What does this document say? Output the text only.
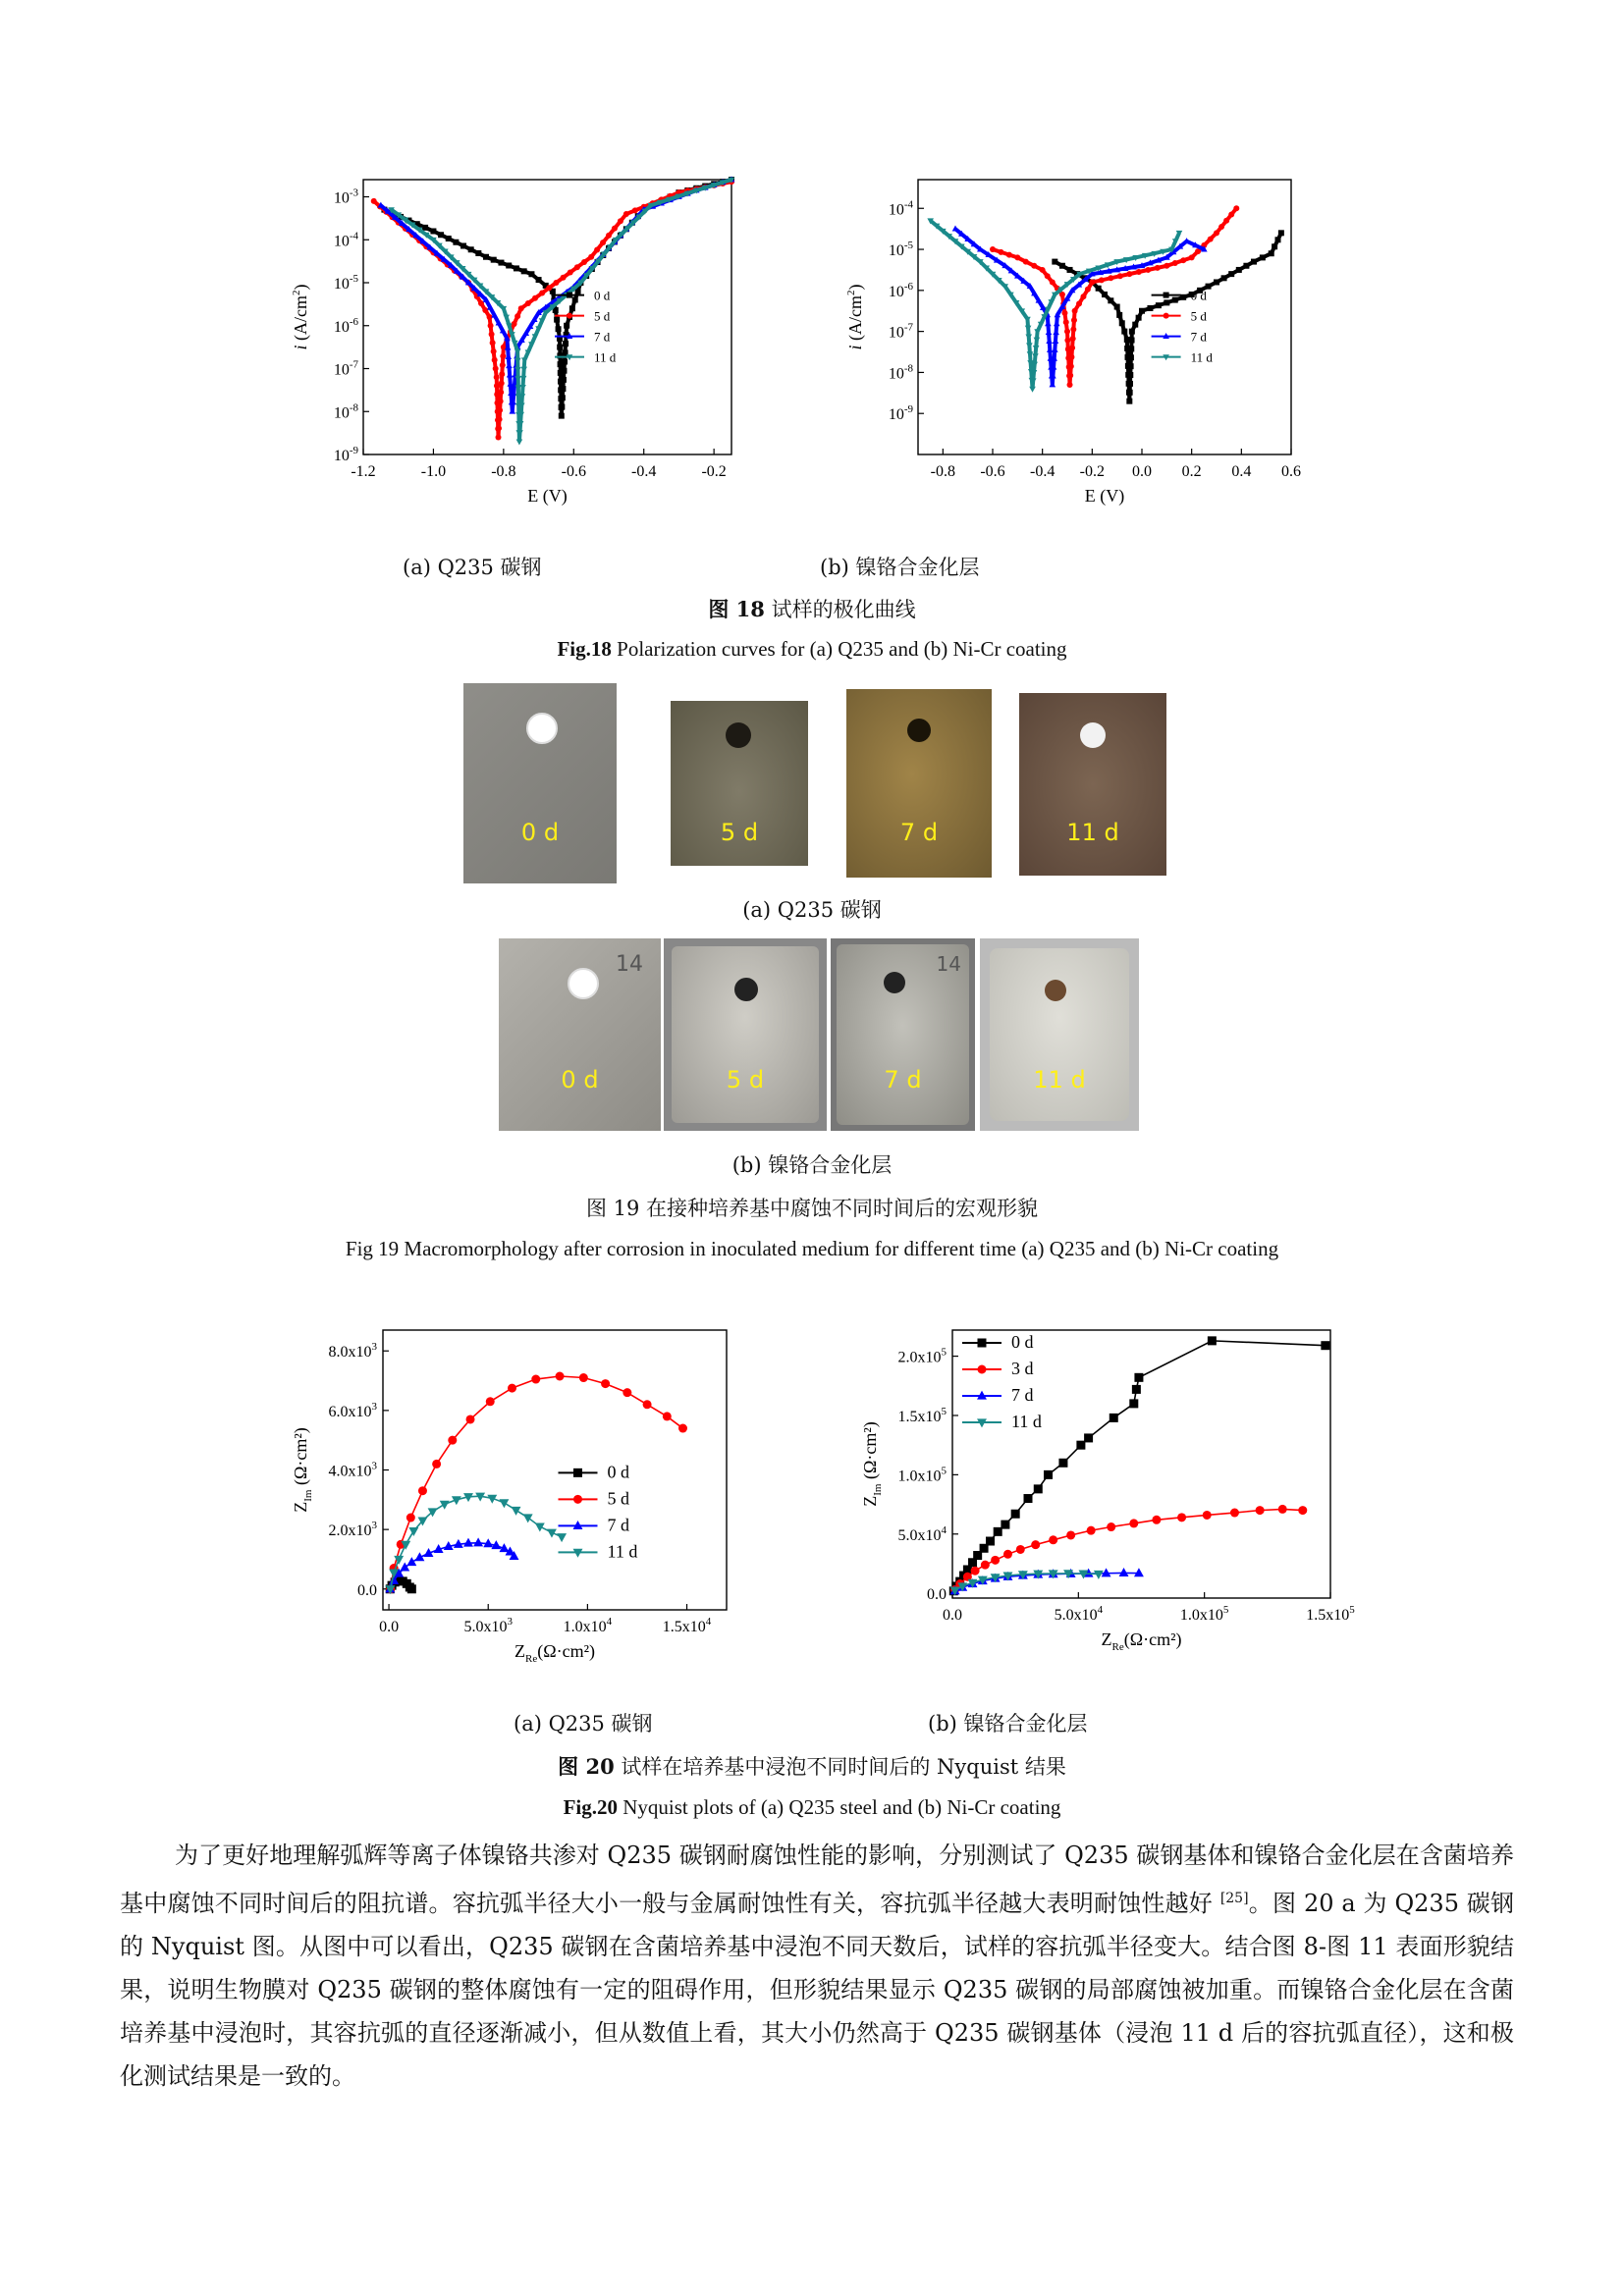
-1.2	-1.0	-0.8	-0.6	-0.4	-0.2
$10^{-3}$
$10^{-4}$
$10^{-5}$
$10^{-6}$
$10^{-7}$
$10^{-8}$
$10^{-9}$
E (V)
i $(A/cm^2)$
0 d
5 d
7 d
11 d
-0.8 -0.6 -0.4 -0.2 0.0 0.2 0.4 0.6
$10^{-4}$
$10^{-5}$
$10^{-6}$
$10^{-7}$
$10^{-8}$
$10^{-9}$
E (V)
i $(A/cm^2)$
0 d
5 d
7 d
11 d
(a) Q235 碳钢	(b) 镍铬合金化层
图 18 试样的极化曲线
Fig.18 Polarization curves for (a) Q235 and (b) Ni-Cr coating
0 d	5 d	7 d	11 d
(a) Q235 碳钢
14
0 d	5 d
14
7 d	11 d
(b) 镍铬合金化层
图 19 在接种培养基中腐蚀不同时间后的宏观形貌
Fig 19 Macromorphology after corrosion in inoculated medium for different time (a) Q235 and (b) Ni-Cr coating
0.0	$5.0x10^3$	$1.0x10^4$	$1.5x10^4$
0.0
$2.0x10^3$
$4.0x10^3$
$6.0x10^3$
$8.0x10^3$
$Z_{Re}(\Omega\cdot cm^2)$
$Z_{Im}$ (Ω·cm²)	0 d
5 d
7 d
11 d
0.0	$5.0x10^4$	$1.0x10^5$	$1.5x10^5$
0.0
$5.0x10^4$
$1.0x10^5$
$1.5x10^5$
$2.0x10^5$
$Z_{Re}(\Omega\cdot cm^2)$
$Z_{Im}$ (Ω·cm²)
0 d
3 d
7 d
11 d
(a) Q235 碳钢	(b) 镍铬合金化层
图 20 试样在培养基中浸泡不同时间后的 Nyquist 结果
Fig.20 Nyquist plots of (a) Q235 steel and (b) Ni-Cr coating

为了更好地理解弧辉等离子体镍铬共渗对 Q235 碳钢耐腐蚀性能的影响，分别测试了 Q235 碳钢基体和镍铬合金化层在含菌培养基中腐蚀不同时间后的阻抗谱。容抗弧半径大小一般与金属耐蚀性有关，容抗弧半径越大表明耐蚀性越好 [25]。图 20 a 为 Q235 碳钢的 Nyquist 图。从图中可以看出，Q235 碳钢在含菌培养基中浸泡不同天数后，试样的容抗弧半径变大。结合图 8-图 11 表面形貌结果，说明生物膜对 Q235 碳钢的整体腐蚀有一定的阻碍作用，但形貌结果显示 Q235 碳钢的局部腐蚀被加重。而镍铬合金化层在含菌培养基中浸泡时，其容抗弧的直径逐渐减小，但从数值上看，其大小仍然高于 Q235 碳钢基体（浸泡 11 d 后的容抗弧直径），这和极化测试结果是一致的。
